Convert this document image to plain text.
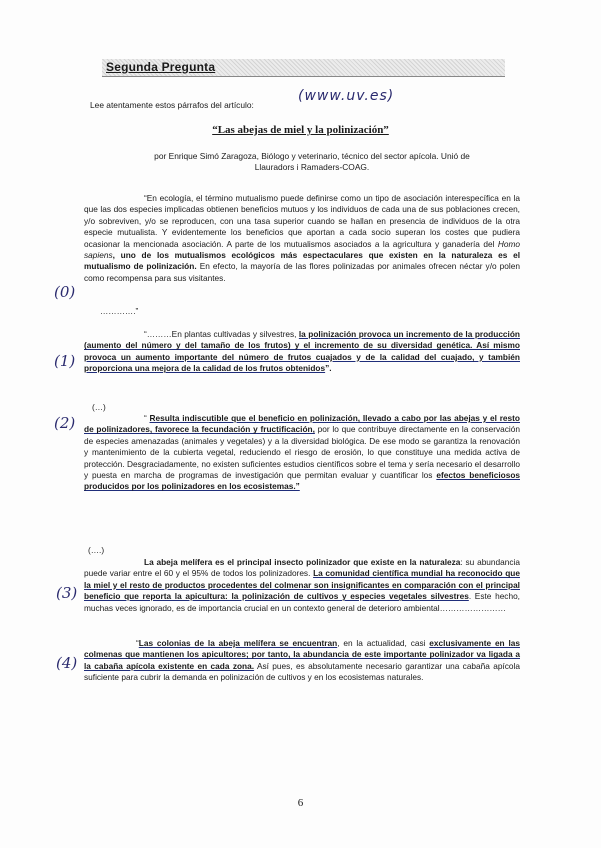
Segunda Pregunta
Lee atentamente estos párrafos del artículo:
(www.uv.es)
“Las abejas de miel y la polinización”
por Enrique Simó Zaragoza, Biólogo y veterinario, técnico del sector apícola. Unió de
Llauradors i Ramaders-COAG.

“En ecología, el término mutualismo puede definirse como un tipo de asociación interespecífica en la que las dos especies implicadas obtienen beneficios mutuos y los individuos de cada una de sus poblaciones crecen, y/o sobreviven, y/o se reproducen, con una tasa superior cuando se hallan en presencia de individuos de la otra especie mutualista. Y evidentemente los beneficios que aportan a cada socio superan los costes que pudiera ocasionar la mencionada asociación. A parte de los mutualismos asociados a la agricultura y ganadería del Homo sapiens, uno de los mutualismos ecológicos más espectaculares que existen en la naturaleza es el mutualismo de polinización. En efecto, la mayoría de las flores polinizadas por animales ofrecen néctar y/o polen como recompensa para sus visitantes.

………….”

“………En plantas cultivadas y silvestres, la polinización provoca un incremento de la producción (aumento del número y del tamaño de los frutos) y el incremento de su diversidad genética. Así mismo provoca un aumento importante del número de frutos cuajados y de la calidad del cuajado, y también proporciona una mejora de la calidad de los frutos obtenidos”.

(…)

“ Resulta indiscutible que el beneficio en polinización, llevado a cabo por las abejas y el resto de polinizadores, favorece la fecundación y fructificación, por lo que contribuye directamente en la conservación de especies amenazadas (animales y vegetales) y a la diversidad biológica. De ese modo se garantiza la renovación y mantenimiento de la cubierta vegetal, reduciendo el riesgo de erosión, lo que constituye una medida activa de protección. Desgraciadamente, no existen suficientes estudios científicos sobre el tema y sería necesario el desarrollo y puesta en marcha de programas de investigación que permitan evaluar y cuantificar los efectos beneficiosos producidos por los polinizadores en los ecosistemas.”

(….)

La abeja melífera es el principal insecto polinizador que existe en la naturaleza: su abundancia puede variar entre el 60 y el 95% de todos los polinizadores. La comunidad científica mundial ha reconocido que la miel y el resto de productos procedentes del colmenar son insignificantes en comparación con el principal beneficio que reporta la apicultura: la polinización de cultivos y especies vegetales silvestres. Este hecho, muchas veces ignorado, es de importancia crucial en un contexto general de deterioro ambiental……………………

“Las colonias de la abeja melífera se encuentran, en la actualidad, casi exclusivamente en las colmenas que mantienen los apicultores; por tanto, la abundancia de este importante polinizador va ligada a la cabaña apícola existente en cada zona. Así pues, es absolutamente necesario garantizar una cabaña apícola suficiente para cubrir la demanda en polinización de cultivos y en los ecosistemas naturales.

(0)
(1)
(2)
(3)
(4)
6
